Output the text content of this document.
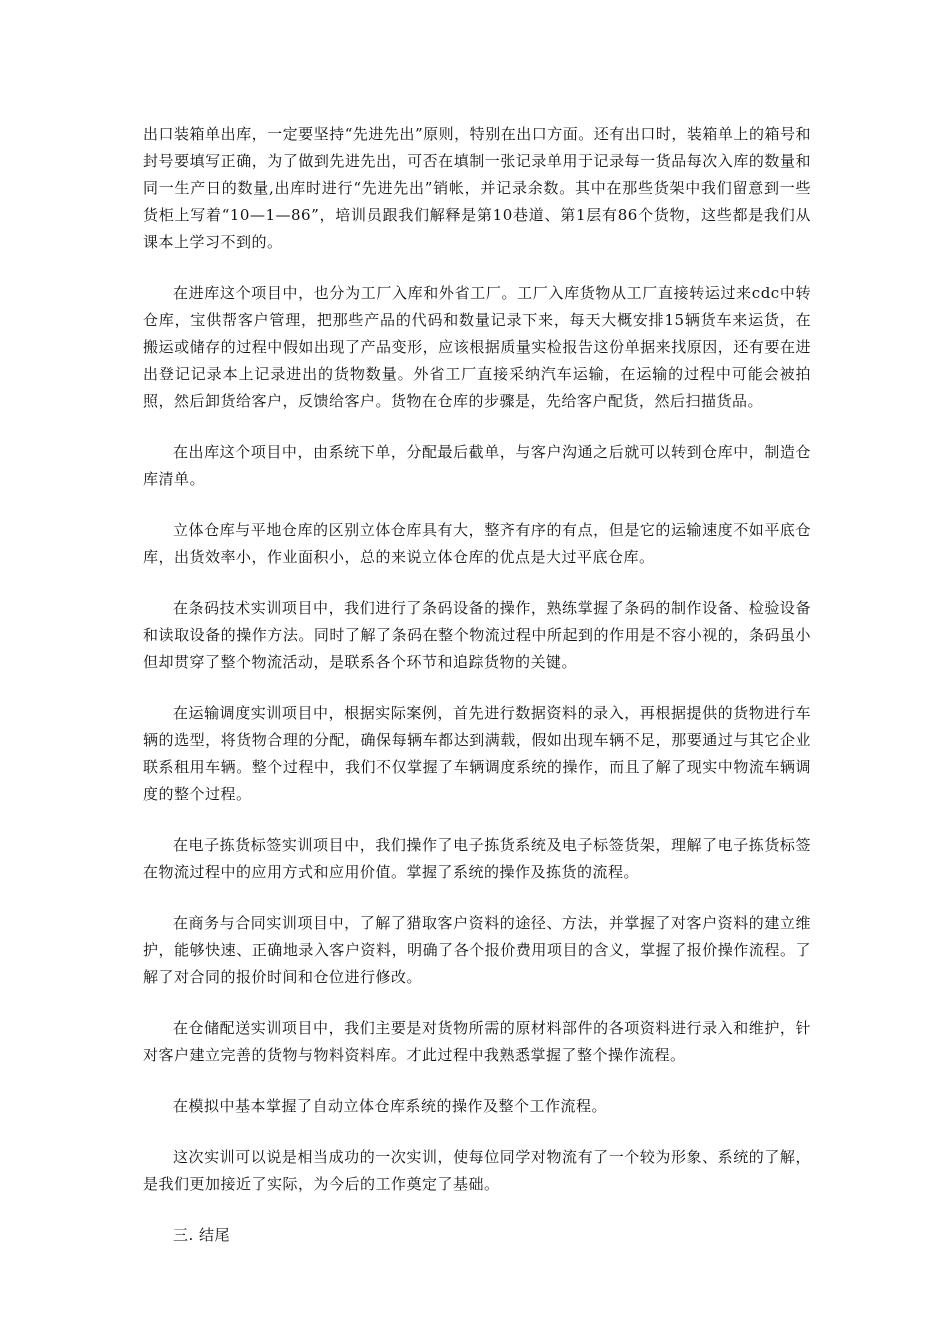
出口装箱单出库，一定要坚持“先进先出”原则，特别在出口方面。还有出口时，装箱单上的箱号和封号要填写正确，为了做到先进先出，可否在填制一张记录单用于记录每一货品每次入库的数量和同一生产日的数量,出库时进行“先进先出”销帐，并记录余数。其中在那些货架中我们留意到一些货柜上写着“10—1—86”，培训员跟我们解释是第10巷道、第1层有86个货物，这些都是我们从课本上学习不到的。

在进库这个项目中，也分为工厂入库和外省工厂。工厂入库货物从工厂直接转运过来cdc中转仓库，宝供帮客户管理，把那些产品的代码和数量记录下来，每天大概安排15辆货车来运货，在搬运或储存的过程中假如出现了产品变形，应该根据质量实检报告这份单据来找原因，还有要在进出登记记录本上记录进出的货物数量。外省工厂直接采纳汽车运输，在运输的过程中可能会被拍照，然后卸货给客户，反馈给客户。货物在仓库的步骤是，先给客户配货，然后扫描货品。

在出库这个项目中，由系统下单，分配最后截单，与客户沟通之后就可以转到仓库中，制造仓库清单。

立体仓库与平地仓库的区别立体仓库具有大，整齐有序的有点，但是它的运输速度不如平底仓库，出货效率小，作业面积小，总的来说立体仓库的优点是大过平底仓库。

在条码技术实训项目中，我们进行了条码设备的操作，熟练掌握了条码的制作设备、检验设备和读取设备的操作方法。同时了解了条码在整个物流过程中所起到的作用是不容小视的，条码虽小但却贯穿了整个物流活动，是联系各个环节和追踪货物的关键。

在运输调度实训项目中，根据实际案例，首先进行数据资料的录入，再根据提供的货物进行车辆的选型，将货物合理的分配，确保每辆车都达到满载，假如出现车辆不足，那要通过与其它企业联系租用车辆。整个过程中，我们不仅掌握了车辆调度系统的操作，而且了解了现实中物流车辆调度的整个过程。

在电子拣货标签实训项目中，我们操作了电子拣货系统及电子标签货架，理解了电子拣货标签在物流过程中的应用方式和应用价值。掌握了系统的操作及拣货的流程。

在商务与合同实训项目中，了解了猎取客户资料的途径、方法，并掌握了对客户资料的建立维护，能够快速、正确地录入客户资料，明确了各个报价费用项目的含义，掌握了报价操作流程。了解了对合同的报价时间和仓位进行修改。

在仓储配送实训项目中，我们主要是对货物所需的原材料部件的各项资料进行录入和维护，针对客户建立完善的货物与物料资料库。才此过程中我熟悉掌握了整个操作流程。

在模拟中基本掌握了自动立体仓库系统的操作及整个工作流程。

这次实训可以说是相当成功的一次实训，使每位同学对物流有了一个较为形象、系统的了解，是我们更加接近了实际，为今后的工作奠定了基础。

三. 结尾
